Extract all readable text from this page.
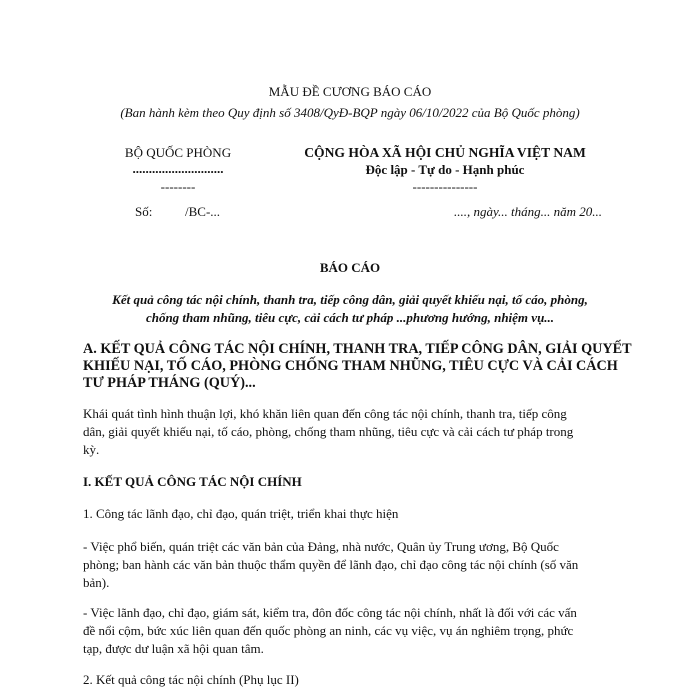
MẪU ĐỀ CƯƠNG BÁO CÁO
(Ban hành kèm theo Quy định số 3408/QyĐ-BQP ngày 06/10/2022 của Bộ Quốc phòng)
BỘ QUỐC PHÒNG
............................
--------
Số:	/BC-...
CỘNG HÒA XÃ HỘI CHỦ NGHĨA VIỆT NAM
Độc lập - Tự do - Hạnh phúc
---------------
...., ngày... tháng... năm 20...
BÁO CÁO
Kết quả công tác nội chính, thanh tra, tiếp công dân, giải quyết khiếu nại, tố cáo, phòng,
chống tham nhũng, tiêu cực, cải cách tư pháp ...phương hướng, nhiệm vụ...
A. KẾT QUẢ CÔNG TÁC NỘI CHÍNH, THANH TRA, TIẾP CÔNG DÂN, GIẢI QUYẾT
KHIẾU NẠI, TỐ CÁO, PHÒNG CHỐNG THAM NHŨNG, TIÊU CỰC VÀ CẢI CÁCH
TƯ PHÁP THÁNG (QUÝ)...
Khái quát tình hình thuận lợi, khó khăn liên quan đến công tác nội chính, thanh tra, tiếp công
dân, giải quyết khiếu nại, tố cáo, phòng, chống tham nhũng, tiêu cực và cải cách tư pháp trong
kỳ.
I. KẾT QUẢ CÔNG TÁC NỘI CHÍNH
1. Công tác lãnh đạo, chỉ đạo, quán triệt, triển khai thực hiện
- Việc phổ biến, quán triệt các văn bản của Đảng, nhà nước, Quân ủy Trung ương, Bộ Quốc
phòng; ban hành các văn bản thuộc thẩm quyền để lãnh đạo, chỉ đạo công tác nội chính (số văn
bản).
- Việc lãnh đạo, chỉ đạo, giám sát, kiểm tra, đôn đốc công tác nội chính, nhất là đối với các vấn
đề nổi cộm, bức xúc liên quan đến quốc phòng an ninh, các vụ việc, vụ án nghiêm trọng, phức
tạp, được dư luận xã hội quan tâm.
2. Kết quả công tác nội chính (Phụ lục II)
